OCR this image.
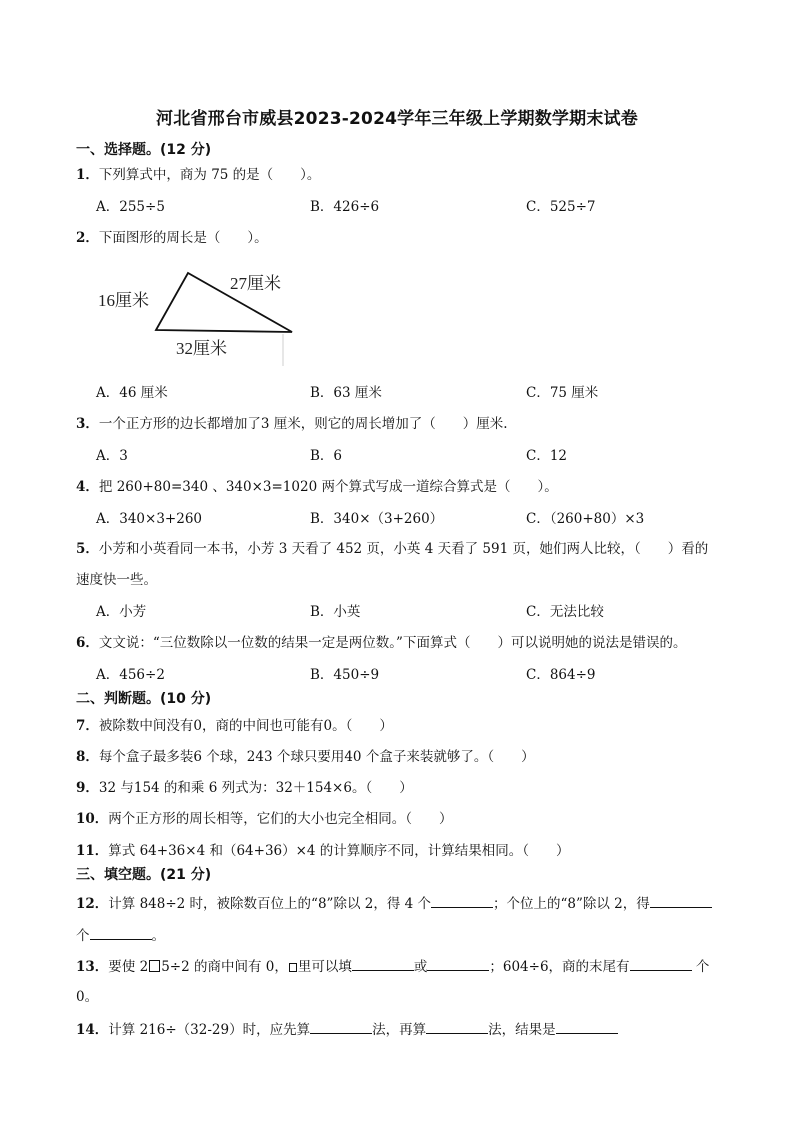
河北省邢台市威县2023-2024学年三年级上学期数学期末试卷
一、选择题。(12 分)
1．下列算式中，商为 75 的是（　　）。
A．255÷5	B．426÷6	C．525÷7
2．下面图形的周长是（　　）。
16厘米
27厘米
32厘米
A．46 厘米	B．63 厘米	C．75 厘米
3．一个正方形的边长都增加了3 厘米，则它的周长增加了（　　）厘米.
A．3	B．6	C．12
4．把 260+80=340 、340×3=1020 两个算式写成一道综合算式是（　　）。
A．340×3+260	B．340×（3+260）	C．（260+80）×3
5．小芳和小英看同一本书，小芳 3 天看了 452 页，小英 4 天看了 591 页，她们两人比较，（　　）看的
速度快一些。
A．小芳	B．小英	C．无法比较
6．文文说：“三位数除以一位数的结果一定是两位数。”下面算式（　　）可以说明她的说法是错误的。
A．456÷2	B．450÷9	C．864÷9
二、判断题。(10 分)
7．被除数中间没有0，商的中间也可能有0。（　　）
8．每个盒子最多装6 个球，243 个球只要用40 个盒子来装就够了。（　　）
9．32 与154 的和乘 6 列式为：32＋154×6。（　　）
10．两个正方形的周长相等，它们的大小也完全相同。（　　）
11．算式 64+36×4 和（64+36）×4 的计算顺序不同，计算结果相同。（　　）
三、填空题。(21 分)
12．计算 848÷2 时，被除数百位上的“8”除以 2，得 4 个	；个位上的“8”除以 2，得
个	。
13．要使 2 5÷2 的商中间有 0， 里可以填	或	；604÷6，商的末尾有	个
0。
14．计算 216÷（32-29）时，应先算	法，再算	法，结果是
